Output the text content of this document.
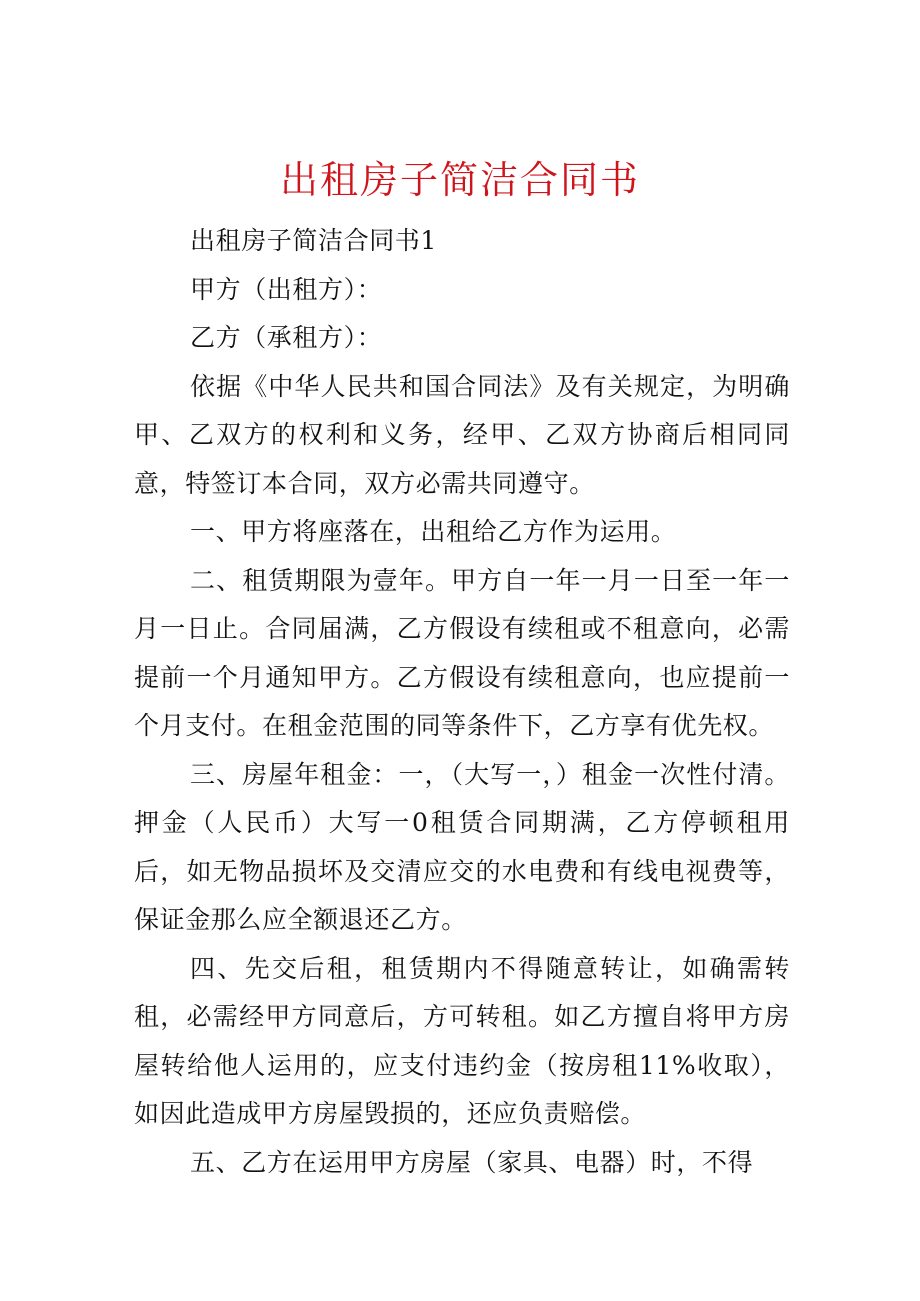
出租房子简洁合同书

出租房子简洁合同书1

甲方（出租方）：

乙方（承租方）：

依据《中华人民共和国合同法》及有关规定，为明确甲、乙双方的权利和义务，经甲、乙双方协商后相同同意，特签订本合同，双方必需共同遵守。

一、甲方将座落在，出租给乙方作为运用。

二、租赁期限为壹年。甲方自一年一月一日至一年一月一日止。合同届满，乙方假设有续租或不租意向，必需提前一个月通知甲方。乙方假设有续租意向，也应提前一个月支付。在租金范围的同等条件下，乙方享有优先权。

三、房屋年租金：一，（大写一，）租金一次性付清。押金（人民币）大写一0租赁合同期满，乙方停顿租用后，如无物品损坏及交清应交的水电费和有线电视费等，保证金那么应全额退还乙方。

四、先交后租，租赁期内不得随意转让，如确需转租，必需经甲方同意后，方可转租。如乙方擅自将甲方房屋转给他人运用的，应支付违约金（按房租11%收取），如因此造成甲方房屋毁损的，还应负责赔偿。

五、乙方在运用甲方房屋（家具、电器）时，不得
